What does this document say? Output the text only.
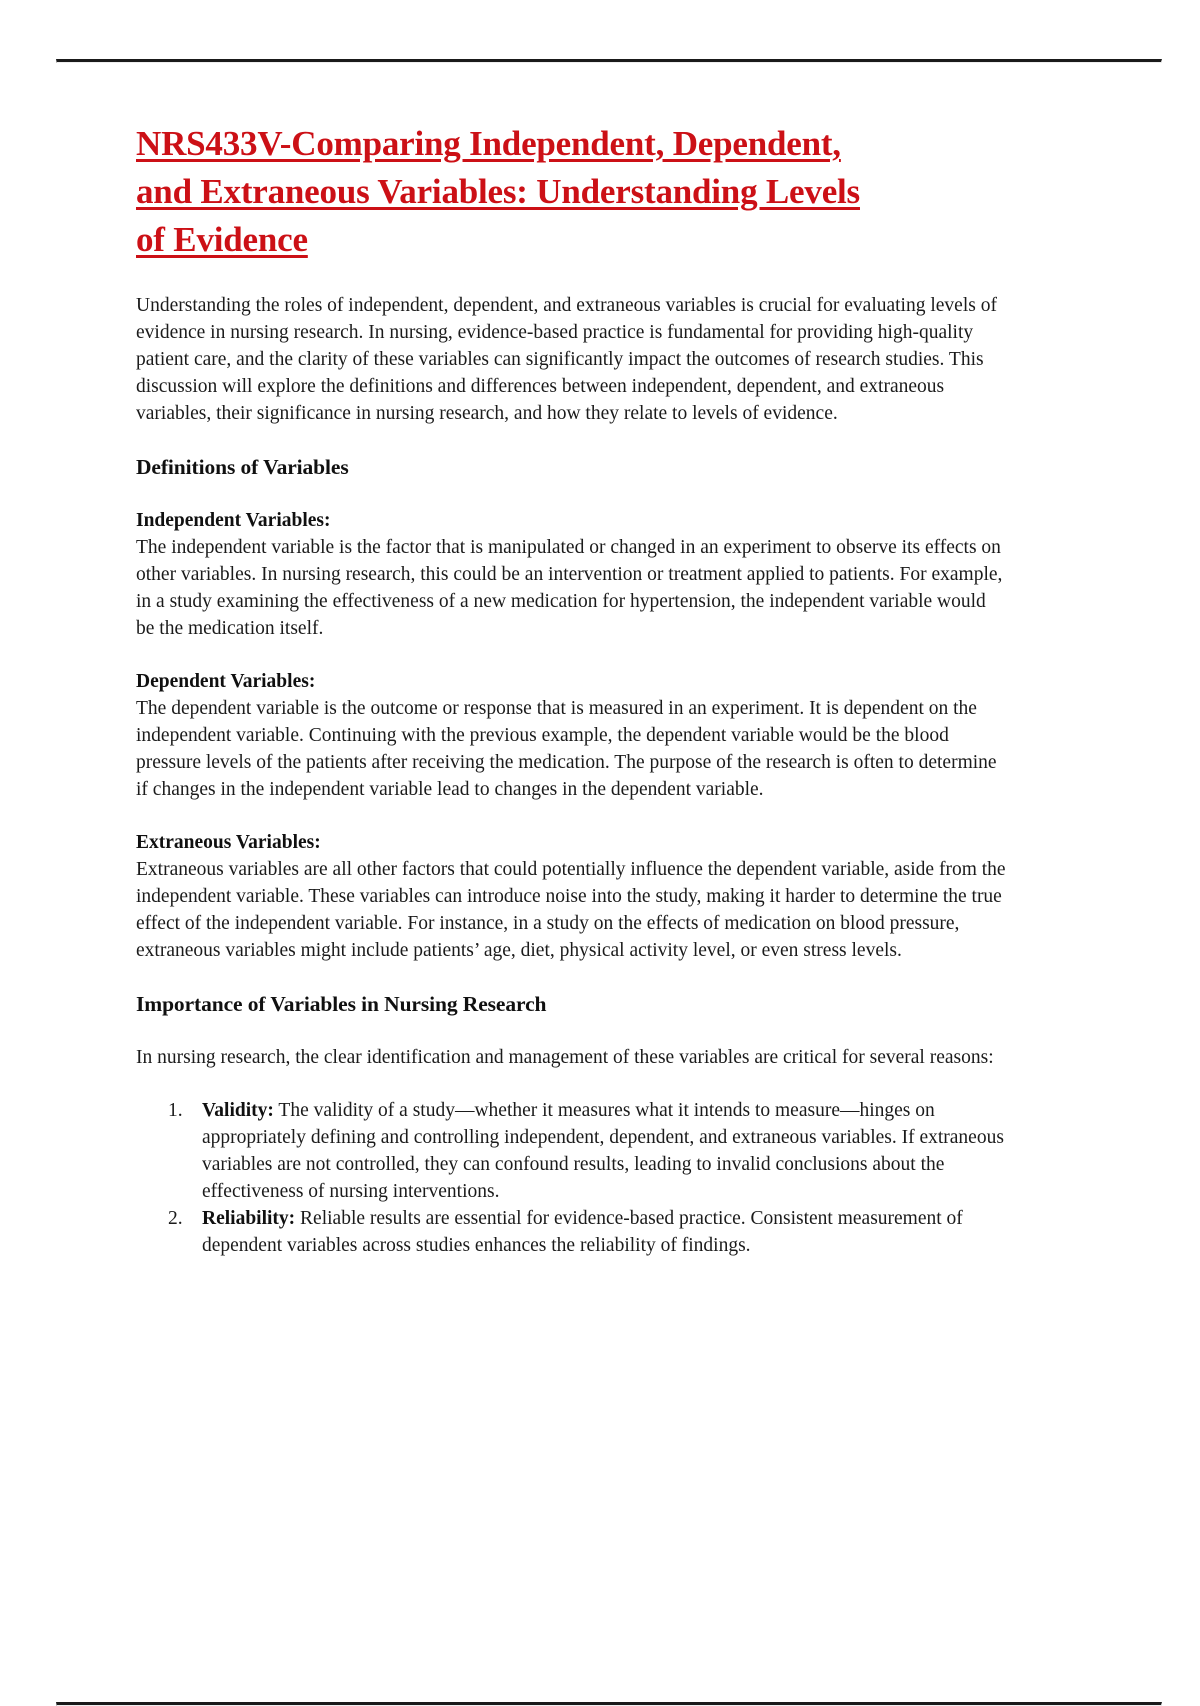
NRS433V-Comparing Independent, Dependent,
and Extraneous Variables: Understanding Levels
of Evidence

Understanding the roles of independent, dependent, and extraneous variables is crucial for evaluating levels of evidence in nursing research. In nursing, evidence-based practice is fundamental for providing high-quality patient care, and the clarity of these variables can significantly impact the outcomes of research studies. This discussion will explore the definitions and differences between independent, dependent, and extraneous variables, their significance in nursing research, and how they relate to levels of evidence.

Definitions of Variables
Independent Variables:
The independent variable is the factor that is manipulated or changed in an experiment to observe its effects on other variables. In nursing research, this could be an intervention or treatment applied to patients. For example, in a study examining the effectiveness of a new medication for hypertension, the independent variable would be the medication itself.
Dependent Variables:
The dependent variable is the outcome or response that is measured in an experiment. It is dependent on the independent variable. Continuing with the previous example, the dependent variable would be the blood pressure levels of the patients after receiving the medication. The purpose of the research is often to determine if changes in the independent variable lead to changes in the dependent variable.
Extraneous Variables:
Extraneous variables are all other factors that could potentially influence the dependent variable, aside from the independent variable. These variables can introduce noise into the study, making it harder to determine the true effect of the independent variable. For instance, in a study on the effects of medication on blood pressure, extraneous variables might include patients’ age, diet, physical activity level, or even stress levels.
Importance of Variables in Nursing Research

In nursing research, the clear identification and management of these variables are critical for several reasons:

Validity: The validity of a study—whether it measures what it intends to measure—hinges on appropriately defining and controlling independent, dependent, and extraneous variables. If extraneous variables are not controlled, they can confound results, leading to invalid conclusions about the effectiveness of nursing interventions.
Reliability: Reliable results are essential for evidence-based practice. Consistent measurement of dependent variables across studies enhances the reliability of findings.
